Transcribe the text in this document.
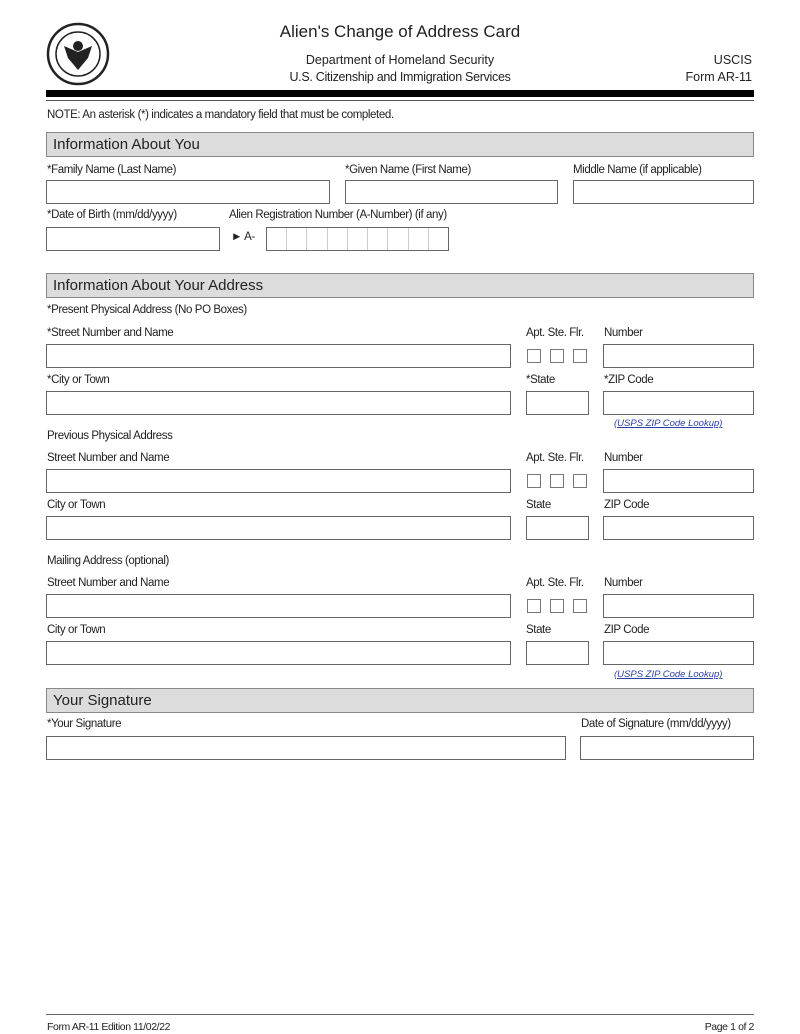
Alien's Change of Address Card
Department of Homeland Security
U.S. Citizenship and Immigration Services
USCIS
Form AR-11
NOTE: An asterisk (*) indicates a mandatory field that must be completed.
Information About You
*Family Name (Last Name)	*Given Name (First Name)	Middle Name (if applicable)
*Date of Birth (mm/dd/yyyy)	Alien Registration Number (A-Number) (if any)
► A-
Information About Your Address
*Present Physical Address (No PO Boxes)
*Street Number and Name	Apt. Ste. Flr. Number
*City or Town	*State	*ZIP Code
(USPS ZIP Code Lookup)
Previous Physical Address
Street Number and Name	Apt. Ste. Flr. Number
City or Town	State	ZIP Code
Mailing Address (optional)
Street Number and Name	Apt. Ste. Flr. Number
City or Town	State	ZIP Code
(USPS ZIP Code Lookup)
Your Signature
*Your Signature	Date of Signature (mm/dd/yyyy)
Form AR-11 Edition 11/02/22	Page 1 of 2
